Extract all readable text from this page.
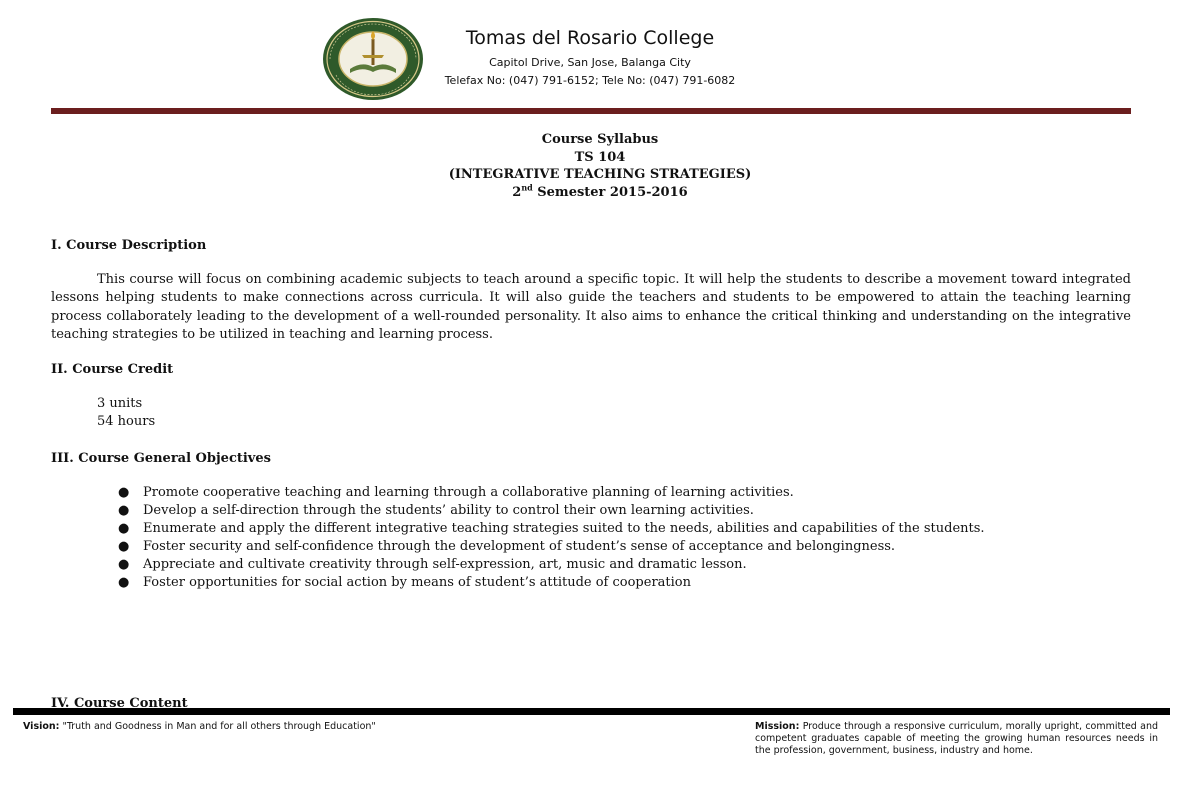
Tomas del Rosario College
Capitol Drive, San Jose, Balanga City
Telefax No: (047) 791-6152; Tele No: (047) 791-6082
Course Syllabus
TS 104
(INTEGRATIVE TEACHING STRATEGIES)
2nd Semester 2015-2016
I. Course Description
This course will focus on combining academic subjects to teach around a specific topic. It will help the students to describe a movement toward integrated lessons helping students to make connections across curricula. It will also guide the teachers and students to be empowered to attain the teaching learning process collaborately leading to the development of a well-rounded personality. It also aims to enhance the critical thinking and understanding on the integrative teaching strategies to be utilized in teaching and learning process.
II. Course Credit
3 units
54 hours
III. Course General Objectives
● Promote cooperative teaching and learning through a collaborative planning of learning activities.
● Develop a self-direction through the students’ ability to control their own learning activities.
● Enumerate and apply the different integrative teaching strategies suited to the needs, abilities and capabilities of the students.
● Foster security and self-confidence through the development of student’s sense of acceptance and belongingness.
● Appreciate and cultivate creativity through self-expression, art, music and dramatic lesson.
● Foster opportunities for social action by means of student’s attitude of cooperation
IV. Course Content
Vision: "Truth and Goodness in Man and for all others through Education"	Mission: Produce through a responsive curriculum, morally upright, committed and competent graduates capable of meeting the growing human resources needs in the profession, government, business, industry and home.
